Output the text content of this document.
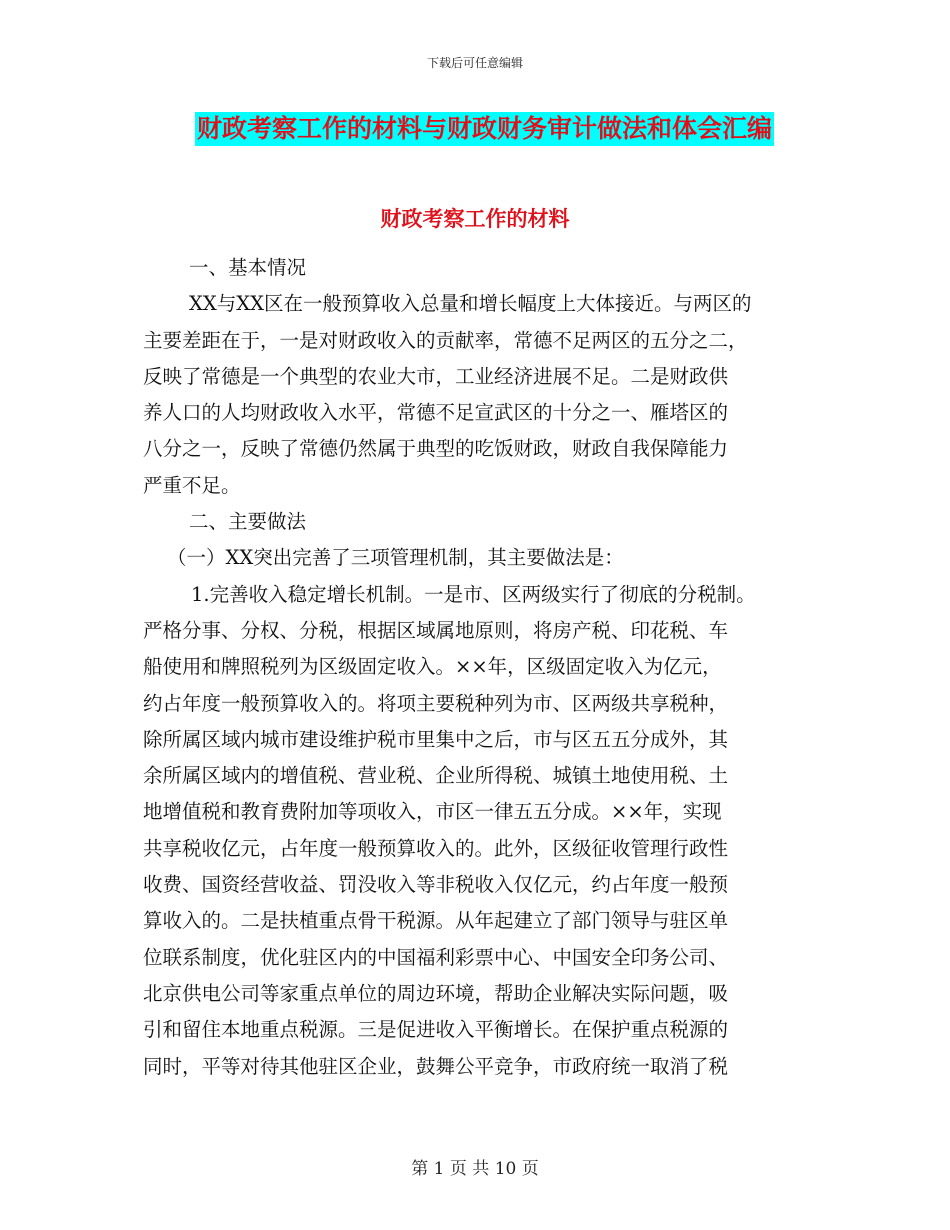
下载后可任意编辑
财政考察工作的材料与财政财务审计做法和体会汇编
财政考察工作的材料
一、基本情况
XX与XX区在一般预算收入总量和增长幅度上大体接近。与两区的
主要差距在于，一是对财政收入的贡献率，常德不足两区的五分之二，
反映了常德是一个典型的农业大市，工业经济进展不足。二是财政供
养人口的人均财政收入水平，常德不足宣武区的十分之一、雁塔区的
八分之一，反映了常德仍然属于典型的吃饭财政，财政自我保障能力
严重不足。
二、主要做法
（一）XX突出完善了三项管理机制，其主要做法是：
1.完善收入稳定增长机制。一是市、区两级实行了彻底的分税制。
严格分事、分权、分税，根据区域属地原则，将房产税、印花税、车
船使用和牌照税列为区级固定收入。××年，区级固定收入为亿元，
约占年度一般预算收入的。将项主要税种列为市、区两级共享税种，
除所属区域内城市建设维护税市里集中之后，市与区五五分成外，其
余所属区域内的增值税、营业税、企业所得税、城镇土地使用税、土
地增值税和教育费附加等项收入，市区一律五五分成。××年，实现
共享税收亿元，占年度一般预算收入的。此外，区级征收管理行政性
收费、国资经营收益、罚没收入等非税收入仅亿元，约占年度一般预
算收入的。二是扶植重点骨干税源。从年起建立了部门领导与驻区单
位联系制度，优化驻区内的中国福利彩票中心、中国安全印务公司、
北京供电公司等家重点单位的周边环境，帮助企业解决实际问题，吸
引和留住本地重点税源。三是促进收入平衡增长。在保护重点税源的
同时，平等对待其他驻区企业，鼓舞公平竞争，市政府统一取消了税
第 1 页 共 10 页
